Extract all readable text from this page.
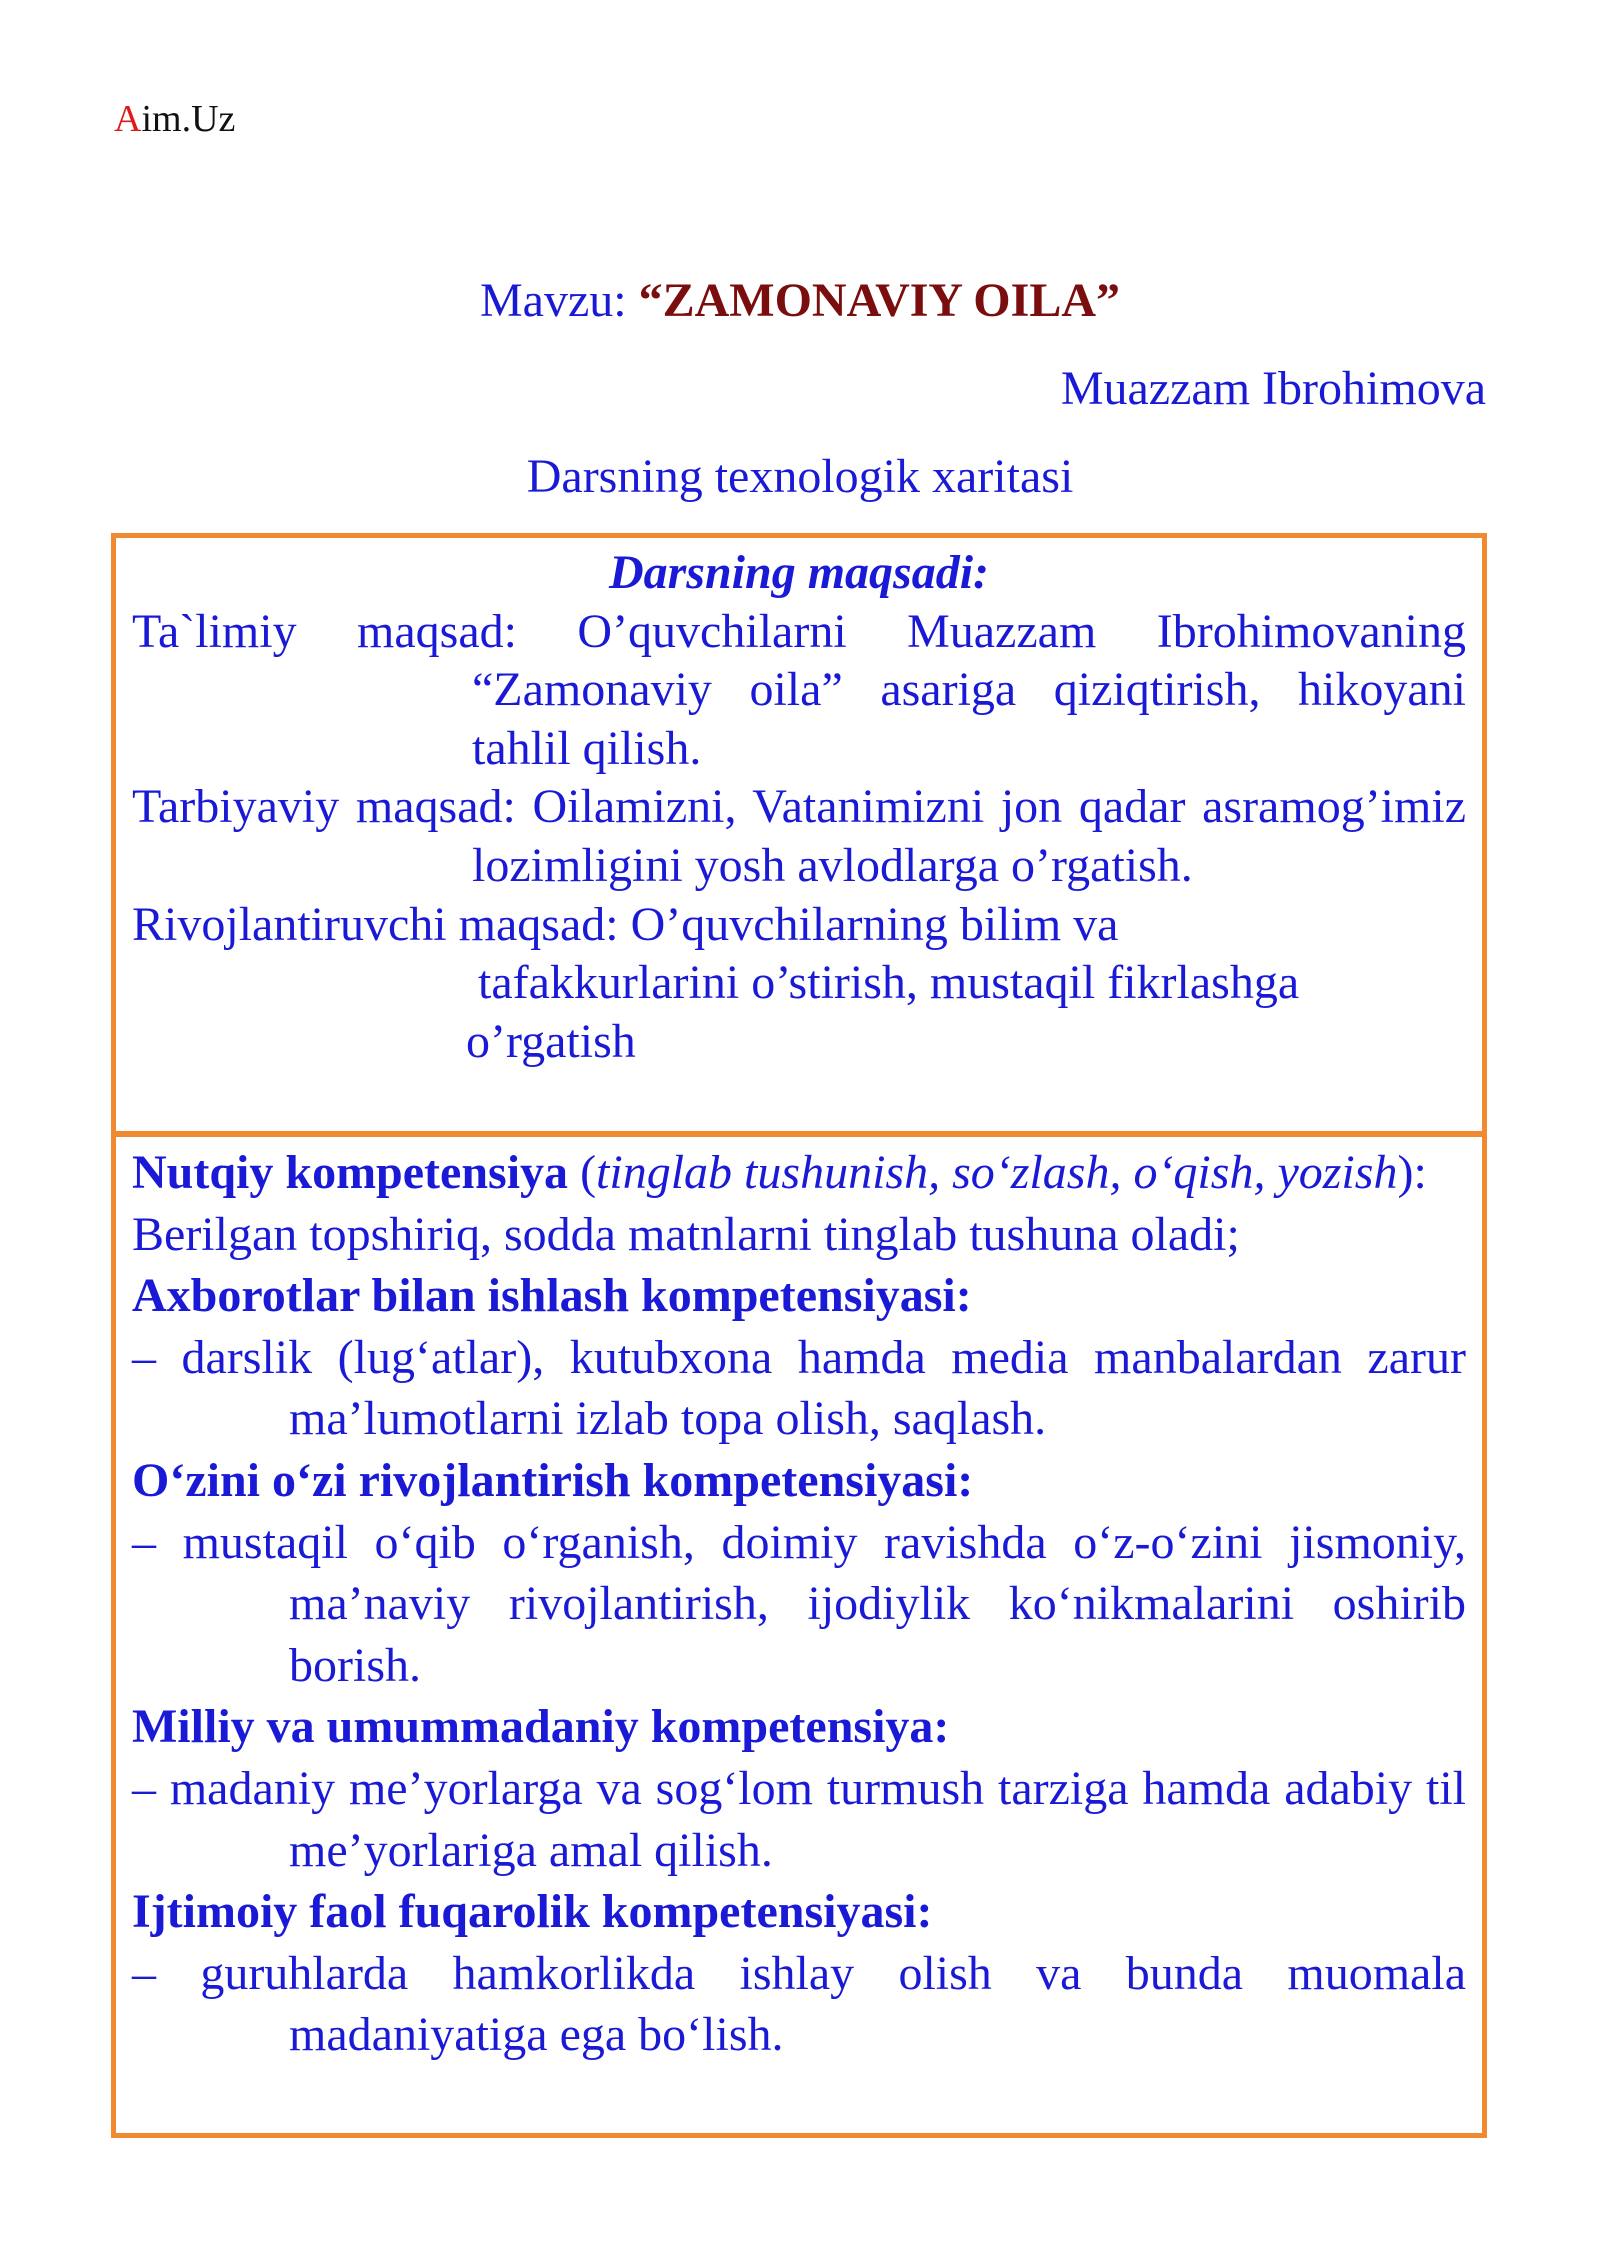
Aim.Uz
Mavzu: “ZAMONAVIY OILA”
Muazzam Ibrohimova
Darsning texnologik xaritasi
Darsning maqsadi:

Ta`limiy maqsad: O’quvchilarni Muazzam Ibrohimovaning “Zamonaviy oila” asariga qiziqtirish, hikoyani tahlil qilish.

Tarbiyaviy maqsad: Oilamizni, Vatanimizni jon qadar asramog’imiz lozimligini yosh avlodlarga o’rgatish.

Rivojlantiruvchi maqsad: O’quvchilarning bilim va

tafakkurlarini o’stirish, mustaqil fikrlashga

o’rgatish

Nutqiy kompetensiya (tinglab tushunish, so‘zlash, o‘qish, yozish):

Berilgan topshiriq, sodda matnlarni tinglab tushuna oladi;

Axborotlar bilan ishlash kompetensiyasi:

– darslik (lug‘atlar), kutubxona hamda media manbalardan zarur ma’lumotlarni izlab topa olish, saqlash.

O‘zini o‘zi rivojlantirish kompetensiyasi:

– mustaqil o‘qib o‘rganish, doimiy ravishda o‘z-o‘zini jismoniy, ma’naviy rivojlantirish, ijodiylik ko‘nikmalarini oshirib borish.

Milliy va umummadaniy kompetensiya:

– madaniy me’yorlarga va sog‘lom turmush tarziga hamda adabiy til me’yorlariga amal qilish.

Ijtimoiy faol fuqarolik kompetensiyasi:

– guruhlarda hamkorlikda ishlay olish va bunda muomala madaniyatiga ega bo‘lish.
